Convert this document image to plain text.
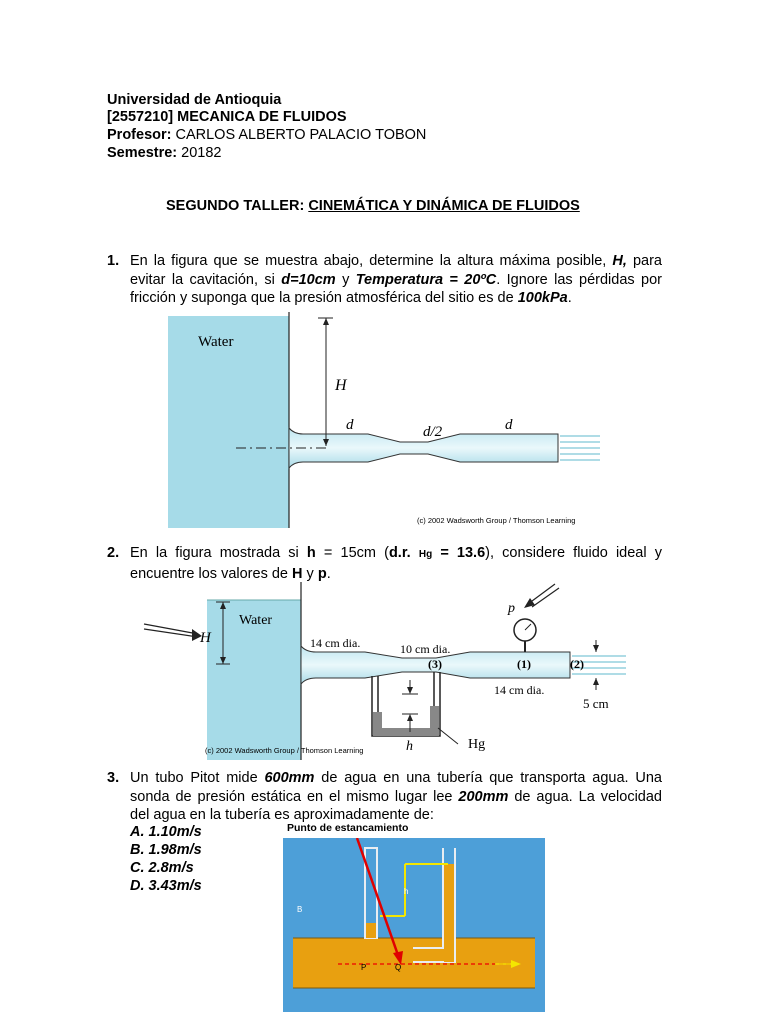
Universidad de Antioquia
[2557210] MECANICA DE FLUIDOS
Profesor: CARLOS ALBERTO PALACIO TOBON
Semestre: 20182
SEGUNDO TALLER: CINEMÁTICA Y DINÁMICA DE FLUIDOS
1. En la figura que se muestra abajo, determine la altura máxima posible, H, para
evitar la cavitación, si d=10cm y Temperatura = 20ºC. Ignore las pérdidas por
fricción y suponga que la presión atmosférica del sitio es de 100kPa.
Water
H
d	d/2	d
(c) 2002 Wadsworth Group / Thomson Learning
2. En la figura mostrada si h = 15cm (d.r. Hg = 13.6), considere fluido ideal y
encuentre los valores de H y p.
Water
H	14 cm dia.	10 cm dia.
(3)	(1)	(2)
p
14 cm dia.
5 cm
h	Hg
(c) 2002 Wadsworth Group / Thomson Learning
3. Un tubo Pitot mide 600mm de agua en una tubería que transporta agua. Una
sonda de presión estática en el mismo lugar lee 200mm de agua. La velocidad
del agua en la tubería es aproximadamente de:
A. 1.10m/s
B. 1.98m/s
C. 2.8m/s
D. 3.43m/s
Punto de estancamiento
h
B
P	Q
